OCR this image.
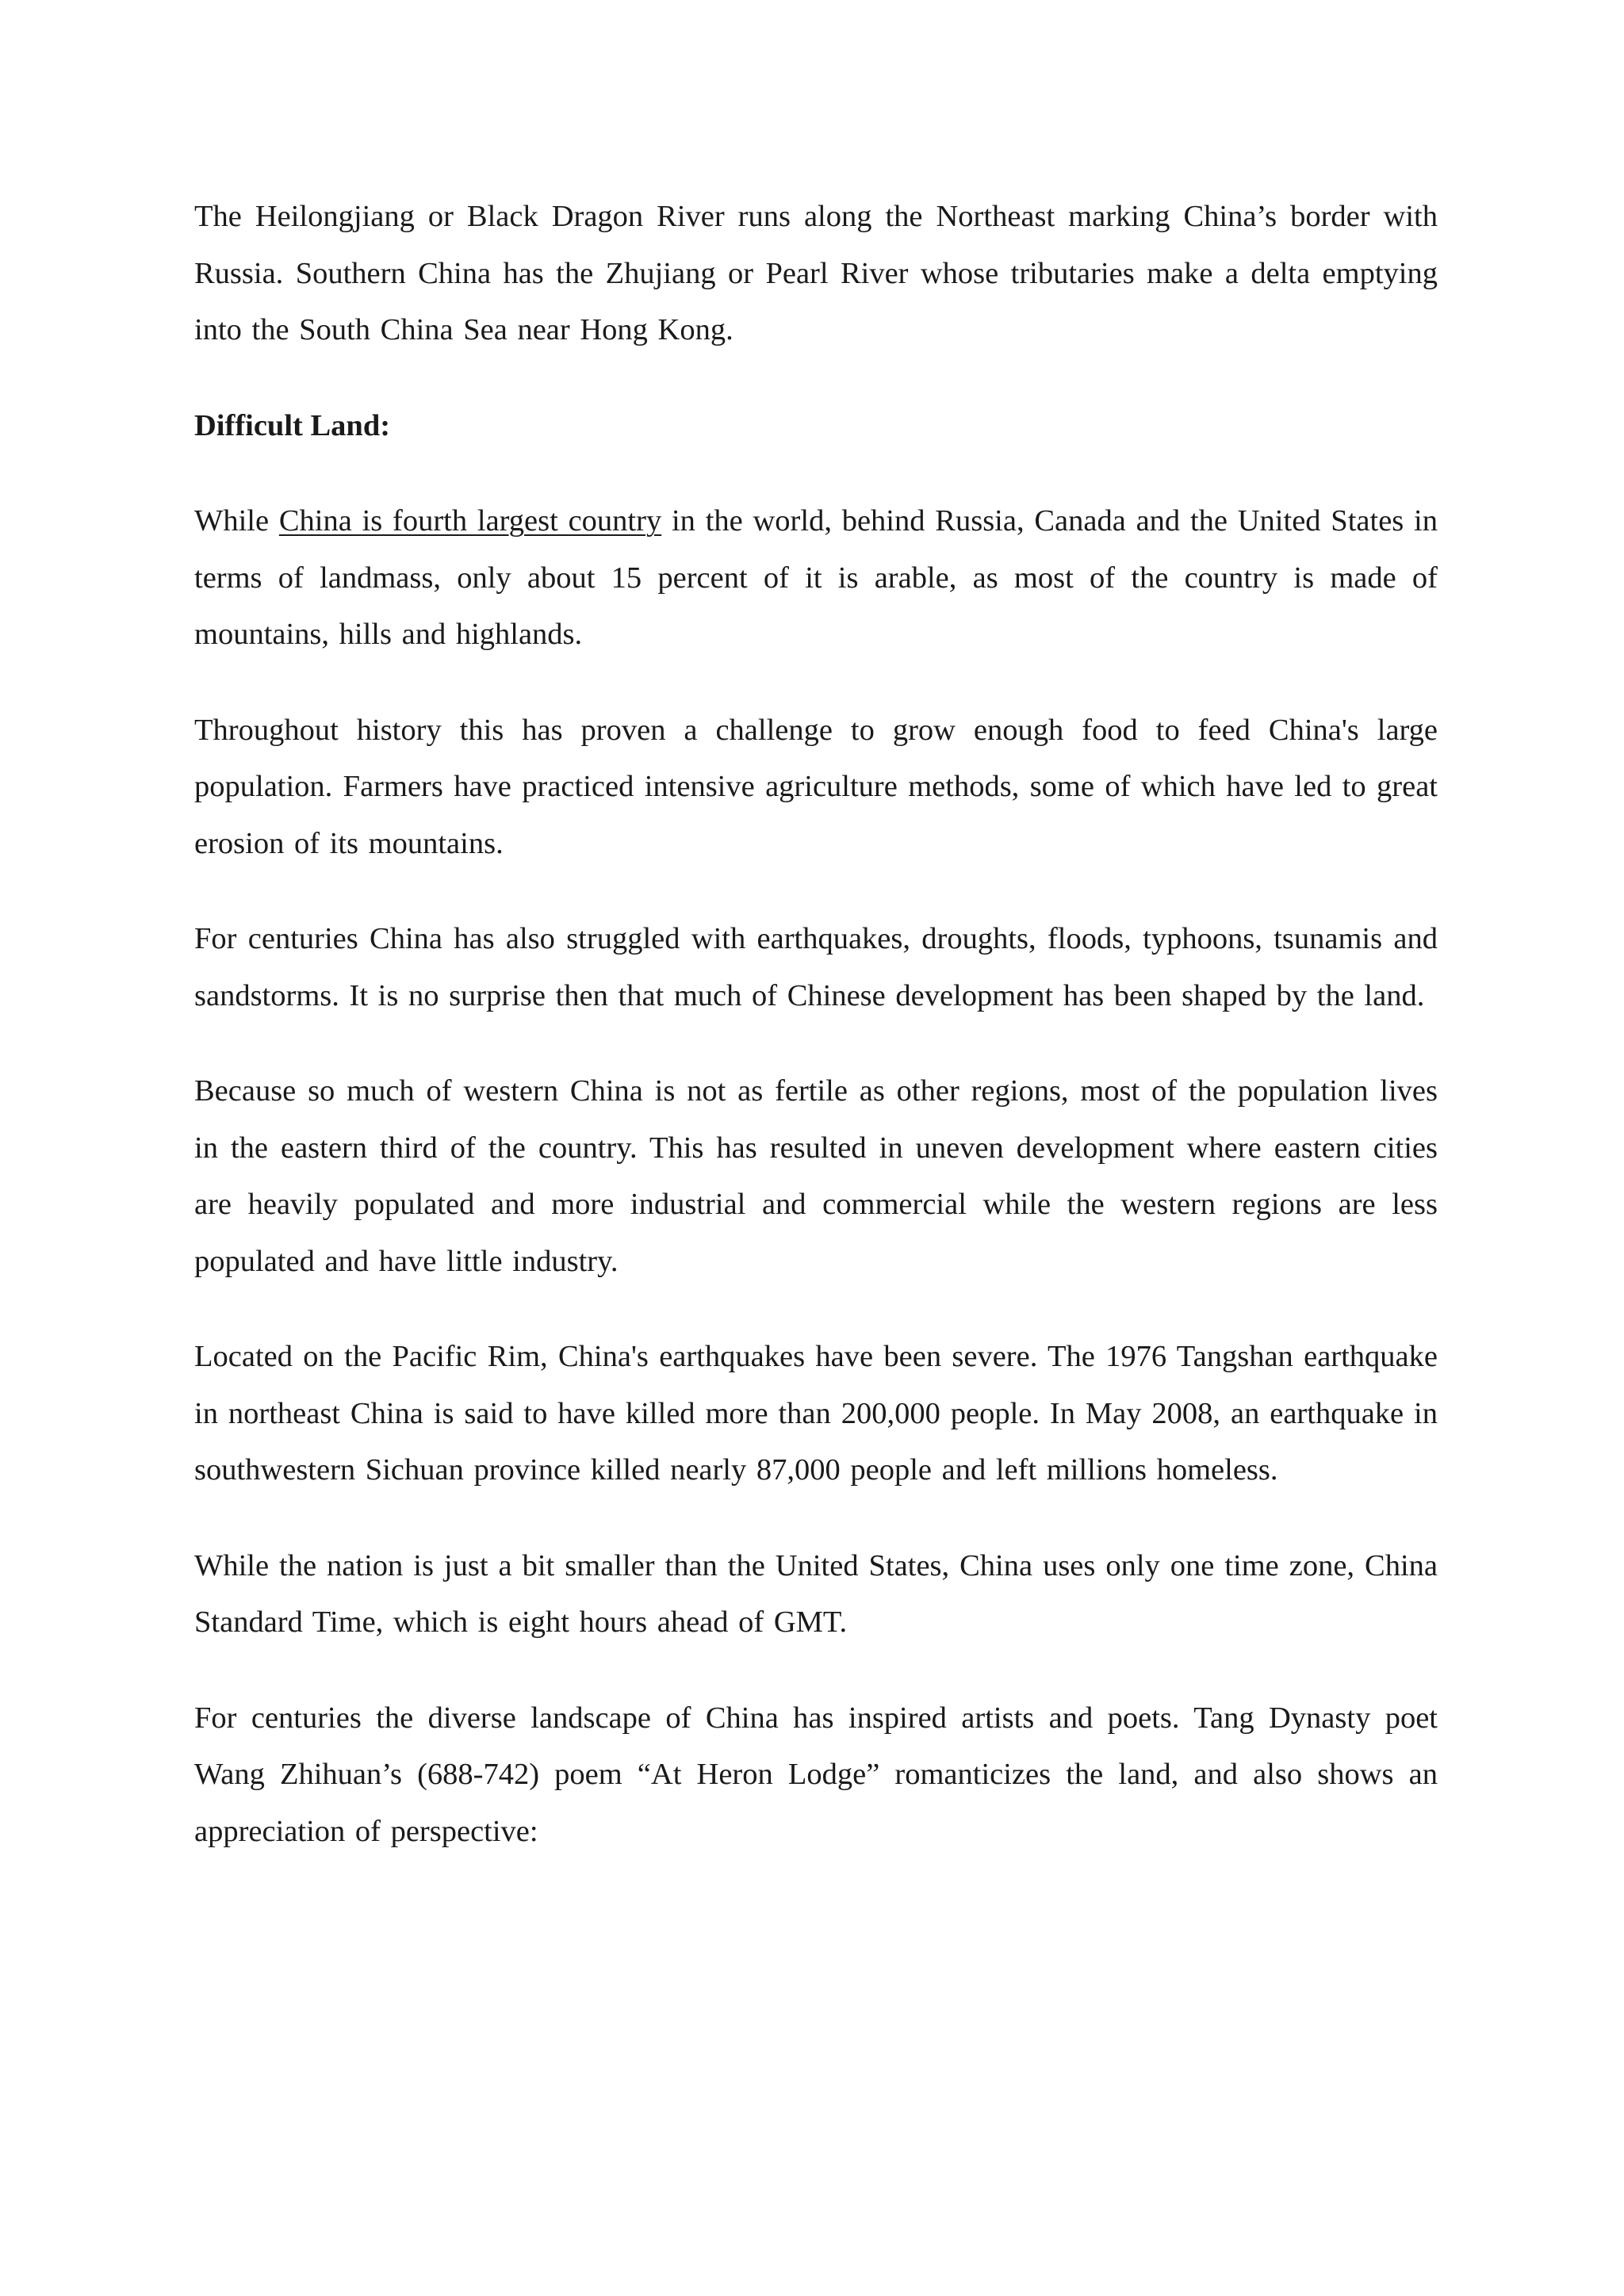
The Heilongjiang or Black Dragon River runs along the Northeast marking China’s border with Russia. Southern China has the Zhujiang or Pearl River whose tributaries make a delta emptying into the South China Sea near Hong Kong.

Difficult Land:

While China is fourth largest country in the world, behind Russia, Canada and the United States in terms of landmass, only about 15 percent of it is arable, as most of the country is made of mountains, hills and highlands.

Throughout history this has proven a challenge to grow enough food to feed China's large population. Farmers have practiced intensive agriculture methods, some of which have led to great erosion of its mountains.

For centuries China has also struggled with earthquakes, droughts, floods, typhoons, tsunamis and sandstorms. It is no surprise then that much of Chinese development has been shaped by the land.

Because so much of western China is not as fertile as other regions, most of the population lives in the eastern third of the country. This has resulted in uneven development where eastern cities are heavily populated and more industrial and commercial while the western regions are less populated and have little industry.

Located on the Pacific Rim, China's earthquakes have been severe. The 1976 Tangshan earthquake in northeast China is said to have killed more than 200,000 people. In May 2008, an earthquake in southwestern Sichuan province killed nearly 87,000 people and left millions homeless.

While the nation is just a bit smaller than the United States, China uses only one time zone, China Standard Time, which is eight hours ahead of GMT.

For centuries the diverse landscape of China has inspired artists and poets. Tang Dynasty poet Wang Zhihuan’s (688-742) poem “At Heron Lodge” romanticizes the land, and also shows an appreciation of perspective:
